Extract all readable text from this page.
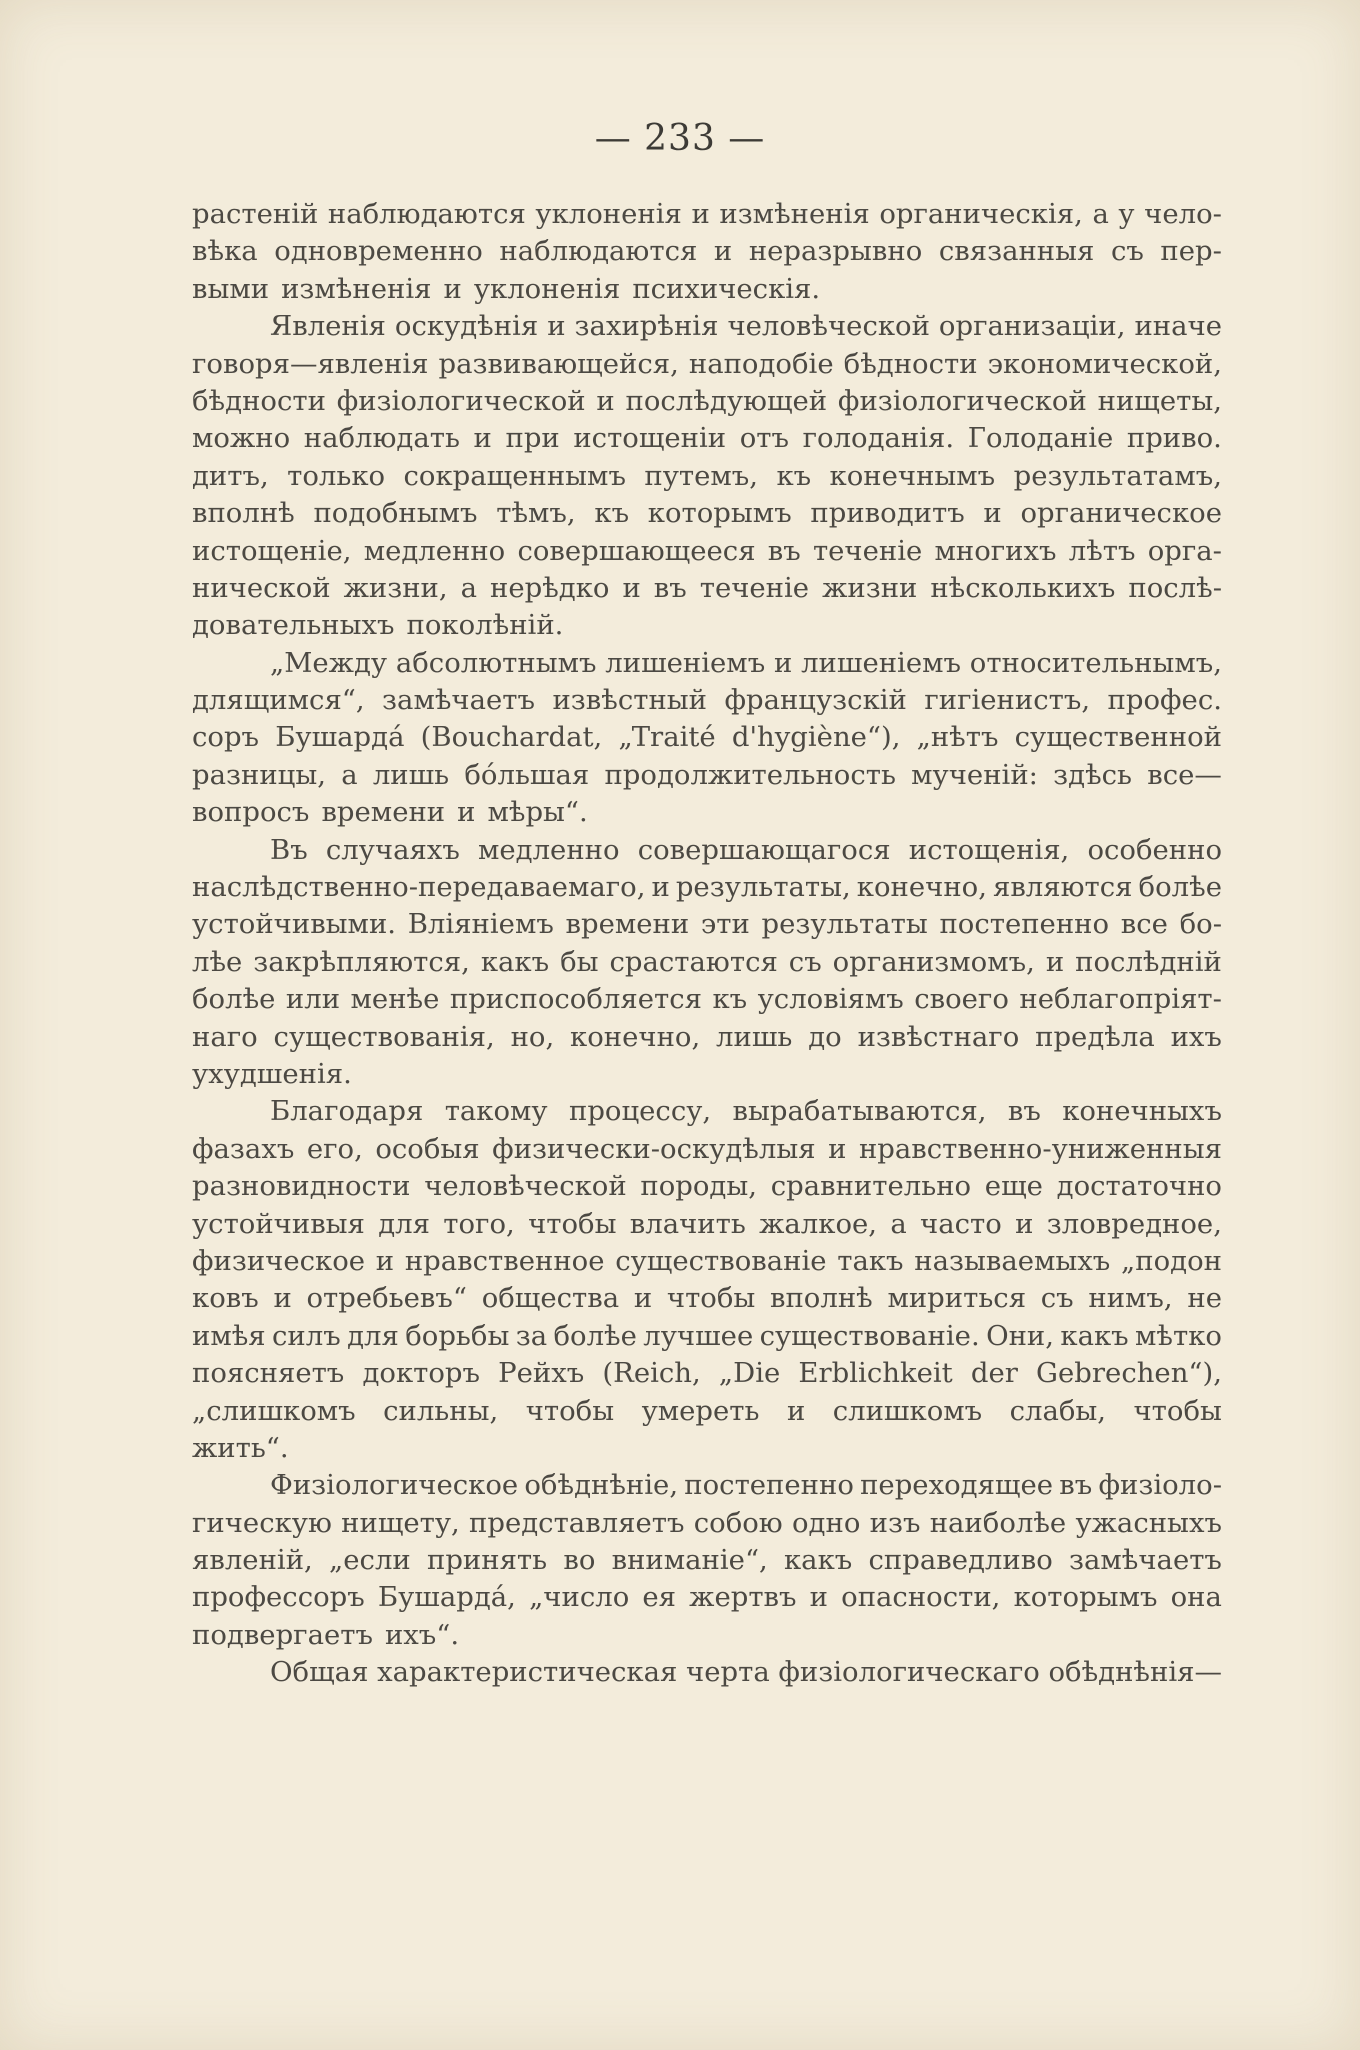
— 233 —
растеній наблюдаются уклоненія и измѣненія органическія, а у чело-
вѣка одновременно наблюдаются и неразрывно связанныя съ пер-
выми измѣненія и уклоненія психическія.
Явленія оскудѣнія и захирѣнія человѣческой организаціи, иначе
говоря—явленія развивающейся, наподобіе бѣдности экономической,
бѣдности физіологической и послѣдующей физіологической нищеты,
можно наблюдать и при истощеніи отъ голоданія. Голоданіе приво.
дитъ, только сокращеннымъ путемъ, къ конечнымъ результатамъ,
вполнѣ подобнымъ тѣмъ, къ которымъ приводитъ и органическое
истощеніе, медленно совершающееся въ теченіе многихъ лѣтъ орга-
нической жизни, а нерѣдко и въ теченіе жизни нѣсколькихъ послѣ-
довательныхъ поколѣній.
„Между абсолютнымъ лишеніемъ и лишеніемъ относительнымъ,
длящимся“, замѣчаетъ извѣстный французскій гигіенистъ, профес.
соръ Бушардá (Bouchardat, „Traité d'hygiène“), „нѣтъ существенной
разницы, а лишь бóльшая продолжительность мученій: здѣсь все—
вопросъ времени и мѣры“.
Въ случаяхъ медленно совершающагося истощенія, особенно
наслѣдственно-передаваемаго, и результаты, конечно, являются болѣе
устойчивыми. Вліяніемъ времени эти результаты постепенно все бо-
лѣе закрѣпляются, какъ бы срастаются съ организмомъ, и послѣдній
болѣе или менѣе приспособляется къ условіямъ своего неблагопріят-
наго существованія, но, конечно, лишь до извѣстнаго предѣла ихъ
ухудшенія.
Благодаря такому процессу, вырабатываются, въ конечныхъ
фазахъ его, особыя физически-оскудѣлыя и нравственно-униженныя
разновидности человѣческой породы, сравнительно еще достаточно
устойчивыя для того, чтобы влачить жалкое, а часто и зловредное,
физическое и нравственное существованіе такъ называемыхъ „подон
ковъ и отребьевъ“ общества и чтобы вполнѣ мириться съ нимъ, не
имѣя силъ для борьбы за болѣе лучшее существованіе. Они, какъ мѣтко
поясняетъ докторъ Рейхъ (Reich, „Die Erblichkeit der Gebrechen“),
„слишкомъ сильны, чтобы умереть и слишкомъ слабы, чтобы
жить“.
Физіологическое обѣднѣніе, постепенно переходящее въ физіоло-
гическую нищету, представляетъ собою одно изъ наиболѣе ужасныхъ
явленій, „если принять во вниманіе“, какъ справедливо замѣчаетъ
профессоръ Бушардá, „число ея жертвъ и опасности, которымъ она
подвергаетъ ихъ“.
Общая характеристическая черта физіологическаго обѣднѣнія—
